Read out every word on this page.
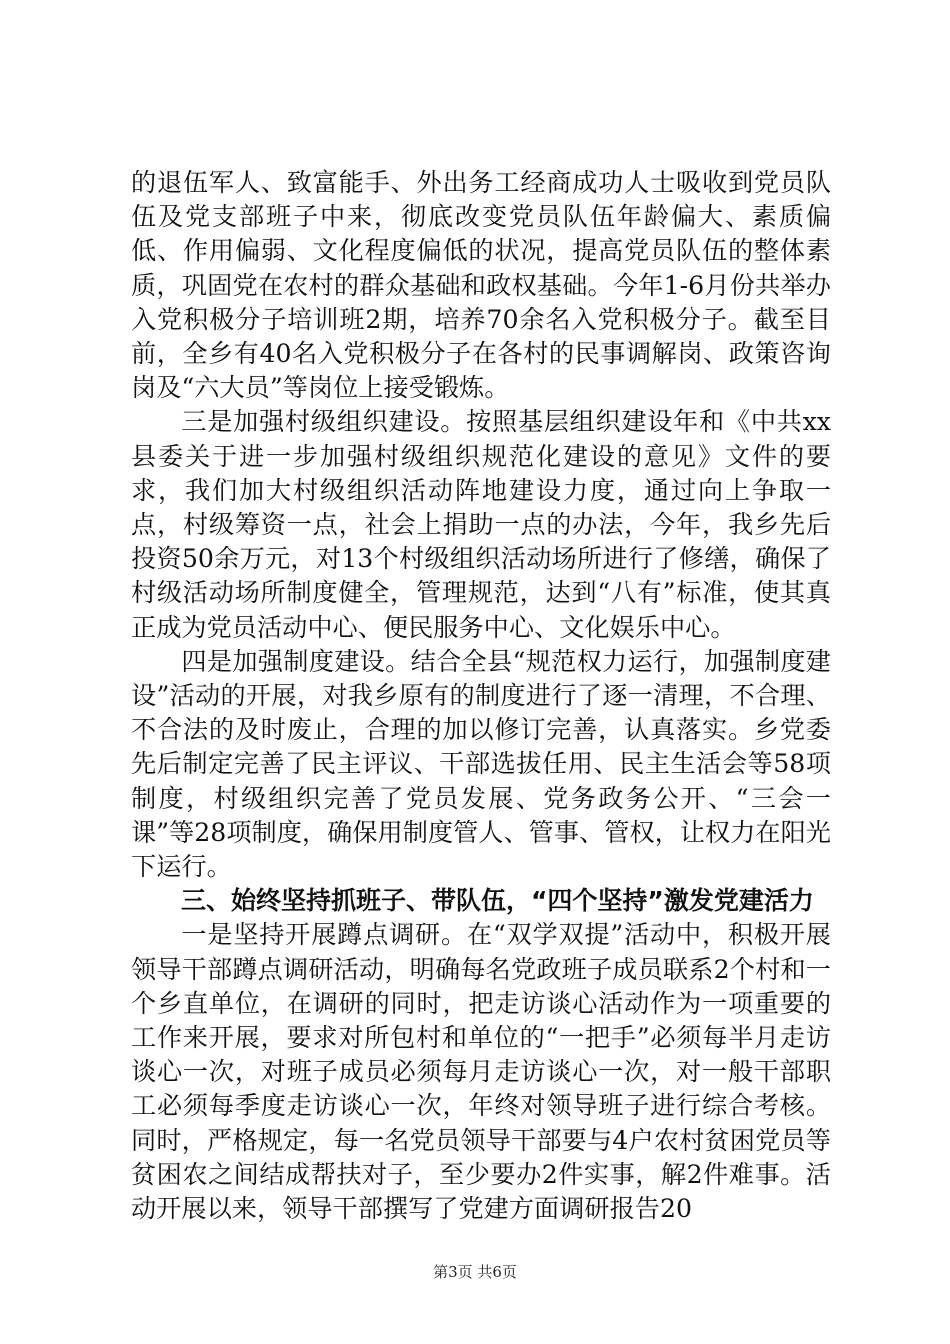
的退伍军人、致富能手、外出务工经商成功人士吸收到党员队伍及党支部班子中来，彻底改变党员队伍年龄偏大、素质偏低、作用偏弱、文化程度偏低的状况，提高党员队伍的整体素质，巩固党在农村的群众基础和政权基础。今年1-6月份共举办入党积极分子培训班2期，培养70余名入党积极分子。截至目前，全乡有40名入党积极分子在各村的民事调解岗、政策咨询岗及“六大员”等岗位上接受锻炼。

三是加强村级组织建设。按照基层组织建设年和《中共xx县委关于进一步加强村级组织规范化建设的意见》文件的要求，我们加大村级组织活动阵地建设力度，通过向上争取一点，村级筹资一点，社会上捐助一点的办法，今年，我乡先后投资50余万元，对13个村级组织活动场所进行了修缮，确保了村级活动场所制度健全，管理规范，达到“八有”标准，使其真正成为党员活动中心、便民服务中心、文化娱乐中心。

四是加强制度建设。结合全县“规范权力运行，加强制度建设”活动的开展，对我乡原有的制度进行了逐一清理，不合理、不合法的及时废止，合理的加以修订完善，认真落实。乡党委先后制定完善了民主评议、干部选拔任用、民主生活会等58项制度，村级组织完善了党员发展、党务政务公开、“三会一课”等28项制度，确保用制度管人、管事、管权，让权力在阳光下运行。

三、始终坚持抓班子、带队伍，“四个坚持”激发党建活力

一是坚持开展蹲点调研。在“双学双提”活动中，积极开展领导干部蹲点调研活动，明确每名党政班子成员联系2个村和一个乡直单位，在调研的同时，把走访谈心活动作为一项重要的工作来开展，要求对所包村和单位的“一把手”必须每半月走访谈心一次，对班子成员必须每月走访谈心一次，对一般干部职工必须每季度走访谈心一次，年终对领导班子进行综合考核。同时，严格规定，每一名党员领导干部要与4户农村贫困党员等贫困农之间结成帮扶对子，至少要办2件实事，解2件难事。活动开展以来，领导干部撰写了党建方面调研报告20

第3页 共6页
